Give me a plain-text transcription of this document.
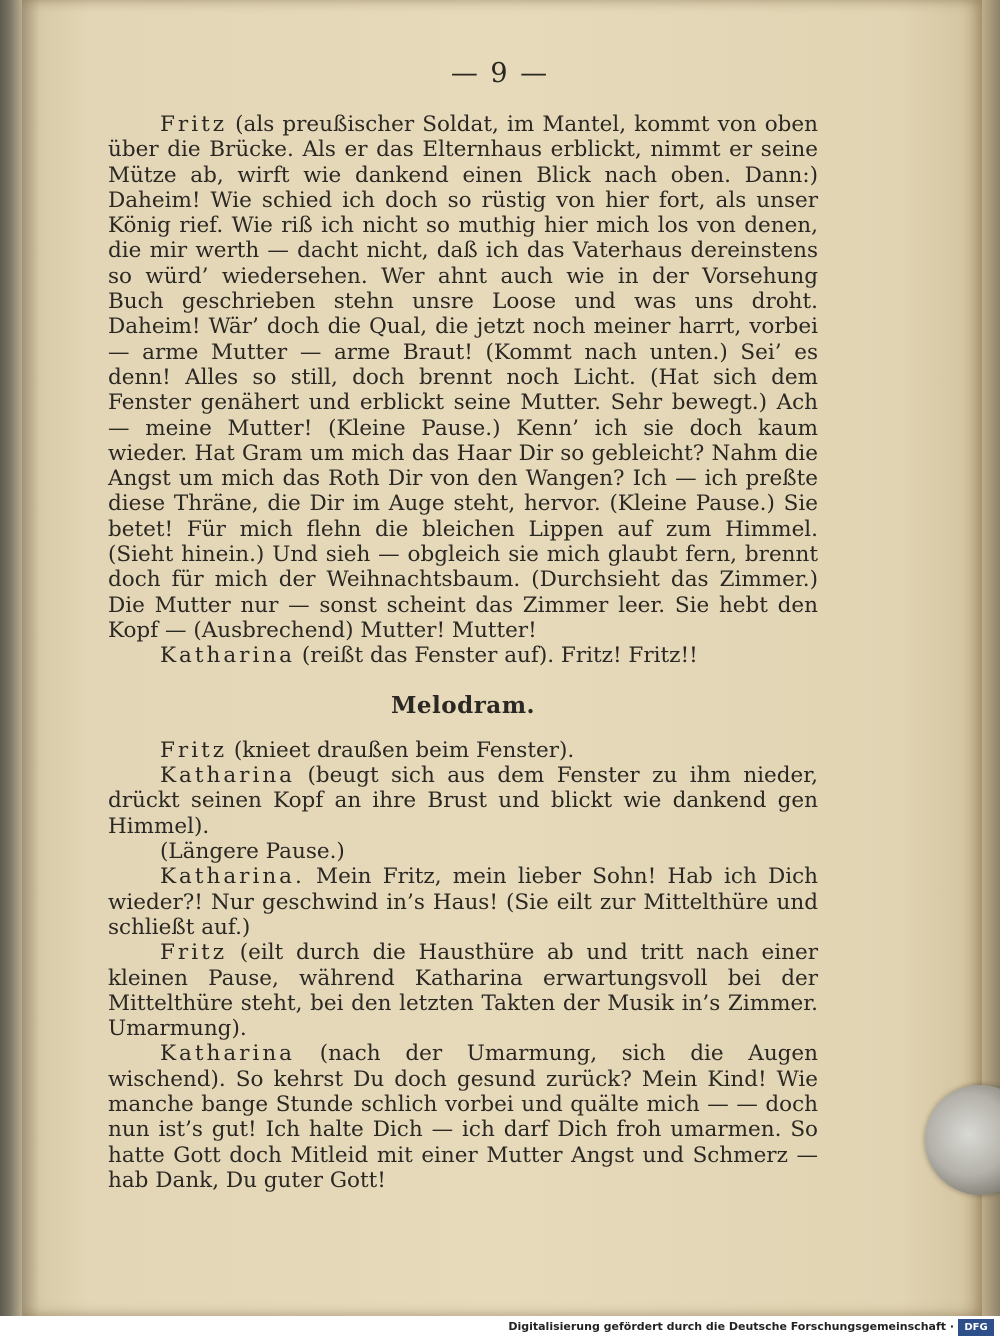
— 9 —

Fritz (als preußischer Soldat, im Mantel, kommt von oben über die Brücke. Als er das Elternhaus erblickt, nimmt er seine Mütze ab, wirft wie dankend einen Blick nach oben. Dann:) Daheim! Wie schied ich doch so rüstig von hier fort, als unser König rief. Wie riß ich nicht so muthig hier mich los von denen, die mir werth — dacht nicht, daß ich das Vaterhaus dereinstens so würd’ wiedersehen. Wer ahnt auch wie in der Vorsehung Buch geschrieben stehn unsre Loose und was uns droht. Daheim! Wär’ doch die Qual, die jetzt noch meiner harrt, vorbei — arme Mutter — arme Braut! (Kommt nach unten.) Sei’ es denn! Alles so still, doch brennt noch Licht. (Hat sich dem Fenster genähert und erblickt seine Mutter. Sehr bewegt.) Ach — meine Mutter! (Kleine Pause.) Kenn’ ich sie doch kaum wieder. Hat Gram um mich das Haar Dir so gebleicht? Nahm die Angst um mich das Roth Dir von den Wangen? Ich — ich preßte diese Thräne, die Dir im Auge steht, hervor. (Kleine Pause.) Sie betet! Für mich flehn die bleichen Lippen auf zum Himmel. (Sieht hinein.) Und sieh — obgleich sie mich glaubt fern, brennt doch für mich der Weihnachtsbaum. (Durchsieht das Zimmer.) Die Mutter nur — sonst scheint das Zimmer leer. Sie hebt den Kopf — (Ausbrechend) Mutter! Mutter!

Katharina (reißt das Fenster auf). Fritz! Fritz!!

Melodram.

Fritz (knieet draußen beim Fenster).

Katharina (beugt sich aus dem Fenster zu ihm nieder, drückt seinen Kopf an ihre Brust und blickt wie dankend gen Himmel).

(Längere Pause.)

Katharina. Mein Fritz, mein lieber Sohn! Hab ich Dich wieder?! Nur geschwind in’s Haus! (Sie eilt zur Mittelthüre und schließt auf.)

Fritz (eilt durch die Hausthüre ab und tritt nach einer kleinen Pause, während Katharina erwartungsvoll bei der Mittelthüre steht, bei den letzten Takten der Musik in’s Zimmer. Umarmung).

Katharina (nach der Umarmung, sich die Augen wischend). So kehrst Du doch gesund zurück? Mein Kind! Wie manche bange Stunde schlich vorbei und quälte mich — — doch nun ist’s gut! Ich halte Dich — ich darf Dich froh umarmen. So hatte Gott doch Mitleid mit einer Mutter Angst und Schmerz — hab Dank, Du guter Gott!

Digitalisierung gefördert durch die Deutsche Forschungsgemeinschaft ·	DFG
